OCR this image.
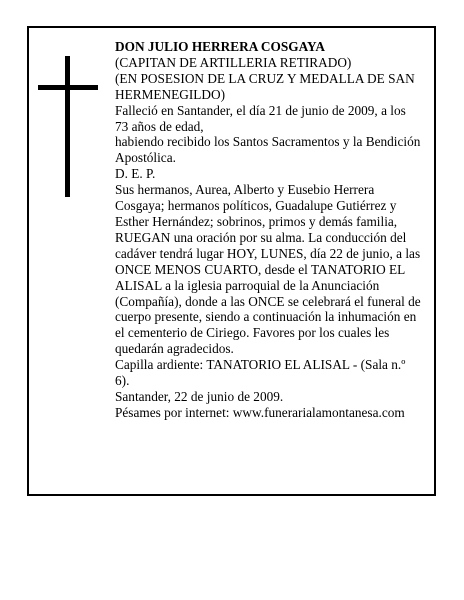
DON JULIO HERRERA COSGAYA

(CAPITAN DE ARTILLERIA RETIRADO)

(EN POSESION DE LA CRUZ Y MEDALLA DE SAN HERMENEGILDO)

Falleció en Santander, el día 21 de junio de 2009, a los 73 años de edad,

habiendo recibido los Santos Sacramentos y la Bendición Apostólica.

D. E. P.

Sus hermanos, Aurea, Alberto y Eusebio Herrera Cosgaya; hermanos políticos, Guadalupe Gutiérrez y Esther Hernández; sobrinos, primos y demás familia,

RUEGAN una oración por su alma. La conducción del cadáver tendrá lugar HOY, LUNES, día 22 de junio, a las ONCE MENOS CUARTO, desde el TANATORIO EL ALISAL a la iglesia parroquial de la Anunciación (Compañía), donde a las ONCE se celebrará el funeral de cuerpo presente, siendo a continuación la inhumación en el cementerio de Ciriego. Favores por los cuales les quedarán agradecidos.

Capilla ardiente: TANATORIO EL ALISAL - (Sala n.º 6).

Santander, 22 de junio de 2009.

Pésames por internet: www.funerarialamontanesa.com
